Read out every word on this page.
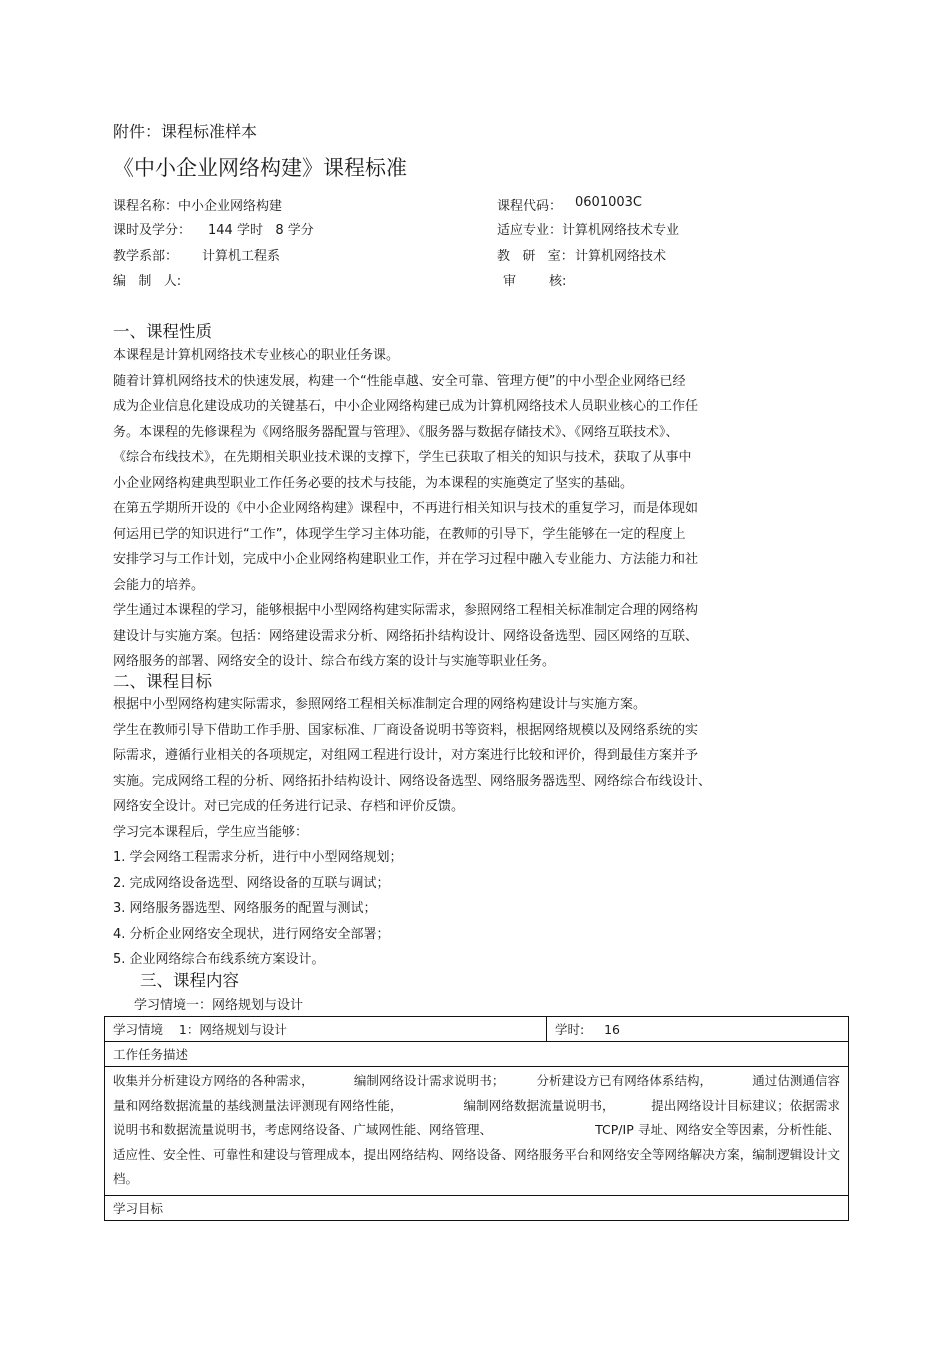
附件：课程标准样本
《中小企业网络构建》课程标准
课程名称：中小企业网络构建	课程代码： 0601003C
课时及学分： 144 学时   8 学分	适应专业：计算机网络技术专业
教学系部： 计算机工程系	教   研   室： 计算机网络技术
编   制   人:	审        核:
一、课程性质

本课程是计算机网络技术专业核心的职业任务课。

随着计算机网络技术的快速发展，构建一个“性能卓越、安全可靠、管理方便”的中小型企业网络已经

成为企业信息化建设成功的关键基石，中小企业网络构建已成为计算机网络技术人员职业核心的工作任

务。本课程的先修课程为《网络服务器配置与管理》、《服务器与数据存储技术》、《网络互联技术》、

《综合布线技术》，在先期相关职业技术课的支撑下，学生已获取了相关的知识与技术，获取了从事中

小企业网络构建典型职业工作任务必要的技术与技能，为本课程的实施奠定了坚实的基础。

在第五学期所开设的《中小企业网络构建》课程中，不再进行相关知识与技术的重复学习，而是体现如

何运用已学的知识进行“工作”，体现学生学习主体功能，在教师的引导下，学生能够在一定的程度上

安排学习与工作计划，完成中小企业网络构建职业工作，并在学习过程中融入专业能力、方法能力和社

会能力的培养。

学生通过本课程的学习，能够根据中小型网络构建实际需求，参照网络工程相关标准制定合理的网络构

建设计与实施方案。包括：网络建设需求分析、网络拓扑结构设计、网络设备选型、园区网络的互联、

网络服务的部署、网络安全的设计、综合布线方案的设计与实施等职业任务。

二、课程目标

根据中小型网络构建实际需求，参照网络工程相关标准制定合理的网络构建设计与实施方案。

学生在教师引导下借助工作手册、国家标准、厂商设备说明书等资料，根据网络规模以及网络系统的实

际需求，遵循行业相关的各项规定，对组网工程进行设计，对方案进行比较和评价，得到最佳方案并予

实施。完成网络工程的分析、网络拓扑结构设计、网络设备选型、网络服务器选型、网络综合布线设计、

网络安全设计。对已完成的任务进行记录、存档和评价反馈。

学习完本课程后，学生应当能够：

1. 学会网络工程需求分析，进行中小型网络规划；

2. 完成网络设备选型、网络设备的互联与调试；

3. 网络服务器选型、网络服务的配置与测试；

4. 分析企业网络安全现状，进行网络安全部署；

5. 企业网络综合布线系统方案设计。

三、课程内容
学习情境一：网络规划与设计
学习情境    1：网络规划与设计	学时:     16
工作任务描述
收集并分析建设方网络的各种需求，          编制网络设计需求说明书；        分析建设方已有网络体系结构，          通过估测通信容量和网络数据流量的基线测量法评测现有网络性能，               编制网络数据流量说明书，         提出网络设计目标建议；依据需求说明书和数据流量说明书，考虑网络设备、广域网性能、网络管理、                         TCP/IP 寻址、网络安全等因素，分析性能、适应性、安全性、可靠性和建设与管理成本，提出网络结构、网络设备、网络服务平台和网络安全等网络解决方案，编制逻辑设计文档。
学习目标
